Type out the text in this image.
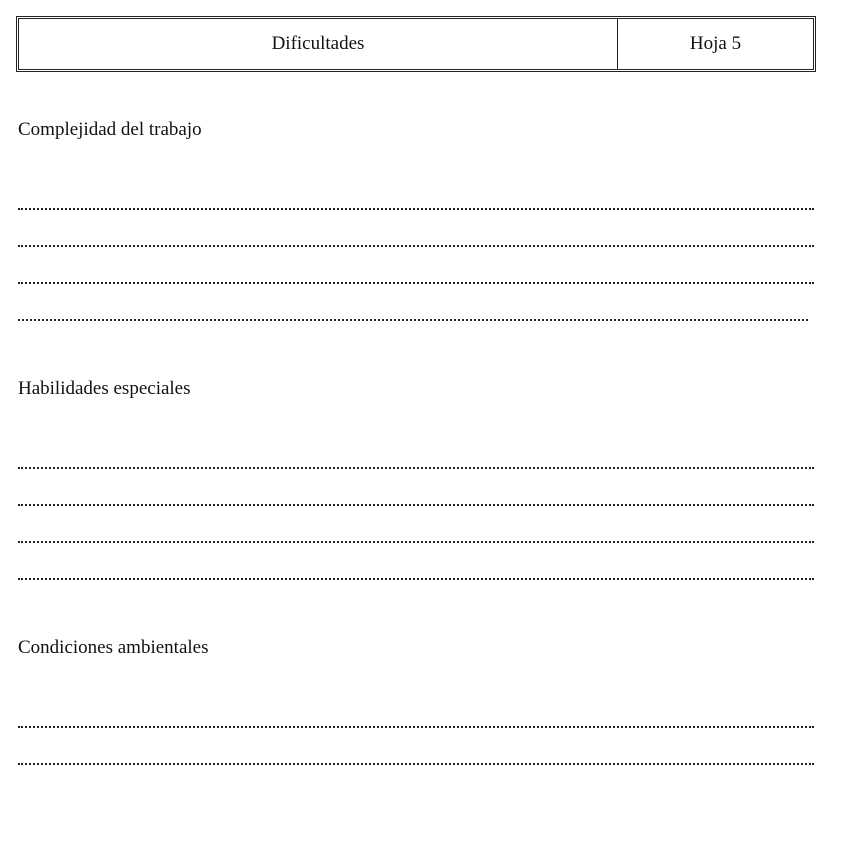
Dificultades	Hoja 5
Complejidad del trabajo
Habilidades especiales
Condiciones ambientales
